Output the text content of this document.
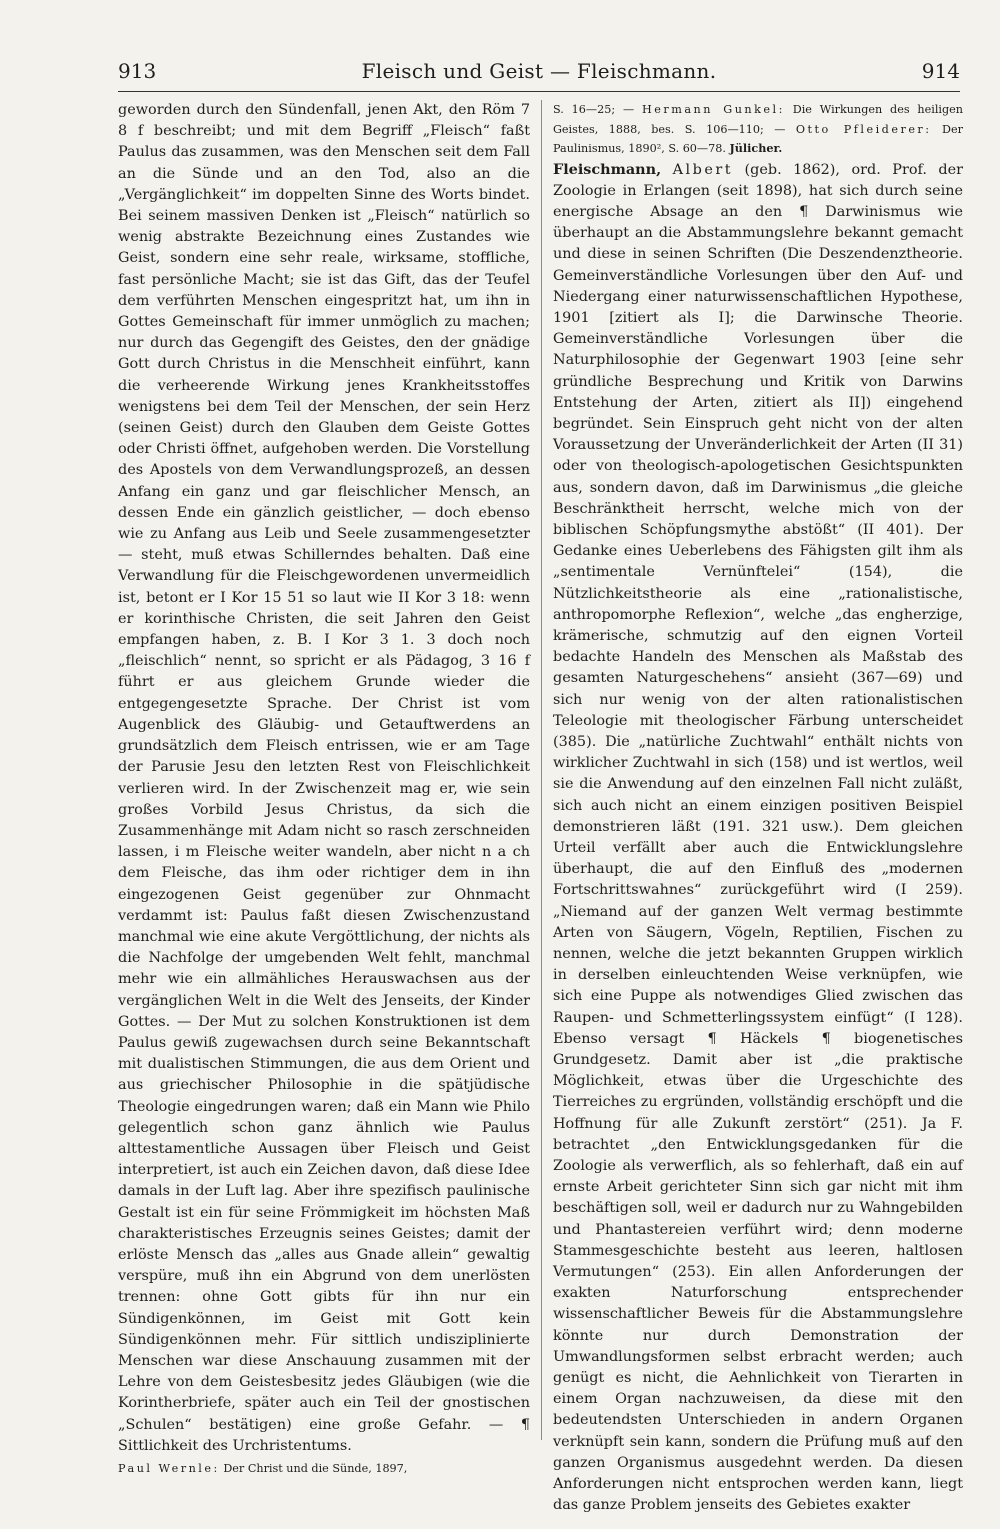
913	Fleisch und Geist — Fleischmann.	914

geworden durch den Sündenfall, jenen Akt, den Röm 7 8 f beschreibt; und mit dem Begriff „Fleisch“ faßt Paulus das zusammen, was den Menschen seit dem Fall an die Sünde und an den Tod, also an die „Vergänglichkeit“ im doppelten Sinne des Worts bindet. Bei seinem massiven Denken ist „Fleisch“ natürlich so wenig abstrakte Bezeichnung eines Zustandes wie Geist, sondern eine sehr reale, wirksame, stoffliche, fast persönliche Macht; sie ist das Gift, das der Teufel dem verführten Menschen eingespritzt hat, um ihn in Gottes Gemeinschaft für immer unmöglich zu machen; nur durch das Gegengift des Geistes, den der gnädige Gott durch Christus in die Menschheit einführt, kann die verheerende Wirkung jenes Krankheitsstoffes wenigstens bei dem Teil der Menschen, der sein Herz (seinen Geist) durch den Glauben dem Geiste Gottes oder Christi öffnet, aufgehoben werden. Die Vorstellung des Apostels von dem Verwandlungsprozeß, an dessen Anfang ein ganz und gar fleischlicher Mensch, an dessen Ende ein gänzlich geistlicher, — doch ebenso wie zu Anfang aus Leib und Seele zusammengesetzter — steht, muß etwas Schillerndes behalten. Daß eine Verwandlung für die Fleischgewordenen unvermeidlich ist, betont er I Kor 15 51 so laut wie II Kor 3 18: wenn er korinthische Christen, die seit Jahren den Geist empfangen haben, z. B. I Kor 3 1. 3 doch noch „fleischlich“ nennt, so spricht er als Pädagog, 3 16 f führt er aus gleichem Grunde wieder die entgegengesetzte Sprache. Der Christ ist vom Augenblick des Gläubig- und Getauftwerdens an grundsätzlich dem Fleisch entrissen, wie er am Tage der Parusie Jesu den letzten Rest von Fleischlichkeit verlieren wird. In der Zwischenzeit mag er, wie sein großes Vorbild Jesus Christus, da sich die Zusammenhänge mit Adam nicht so rasch zerschneiden lassen, i m Fleische weiter wandeln, aber nicht n a ch dem Fleische, das ihm oder richtiger dem in ihn eingezogenen Geist gegenüber zur Ohnmacht verdammt ist: Paulus faßt diesen Zwischenzustand manchmal wie eine akute Vergöttlichung, der nichts als die Nachfolge der umgebenden Welt fehlt, manchmal mehr wie ein allmähliches Herauswachsen aus der vergänglichen Welt in die Welt des Jenseits, der Kinder Gottes. — Der Mut zu solchen Konstruktionen ist dem Paulus gewiß zugewachsen durch seine Bekanntschaft mit dualistischen Stimmungen, die aus dem Orient und aus griechischer Philosophie in die spätjüdische Theologie eingedrungen waren; daß ein Mann wie Philo gelegentlich schon ganz ähnlich wie Paulus alttestamentliche Aussagen über Fleisch und Geist interpretiert, ist auch ein Zeichen davon, daß diese Idee damals in der Luft lag. Aber ihre spezifisch paulinische Gestalt ist ein für seine Frömmigkeit im höchsten Maß charakteristisches Erzeugnis seines Geistes; damit der erlöste Mensch das „alles aus Gnade allein“ gewaltig verspüre, muß ihn ein Abgrund von dem unerlösten trennen: ohne Gott gibts für ihn nur ein Sündigenkönnen, im Geist mit Gott kein Sündigenkönnen mehr. Für sittlich undisziplinierte Menschen war diese Anschauung zusammen mit der Lehre von dem Geistesbesitz jedes Gläubigen (wie die Korintherbriefe, später auch ein Teil der gnostischen „Schulen“ bestätigen) eine große Gefahr. — ¶ Sittlichkeit des Urchristentums.

Paul Wernle: Der Christ und die Sünde, 1897,

S. 16—25; — Hermann Gunkel: Die Wirkungen des heiligen Geistes, 1888, bes. S. 106—110; — Otto Pfleiderer: Der Paulinismus, 1890², S. 60—78. Jülicher.

Fleischmann, Albert (geb. 1862), ord. Prof. der Zoologie in Erlangen (seit 1898), hat sich durch seine energische Absage an den ¶ Darwinismus wie überhaupt an die Abstammungslehre bekannt gemacht und diese in seinen Schriften (Die Deszendenztheorie. Gemeinverständliche Vorlesungen über den Auf- und Niedergang einer naturwissenschaftlichen Hypothese, 1901 [zitiert als I]; die Darwinsche Theorie. Gemeinverständliche Vorlesungen über die Naturphilosophie der Gegenwart 1903 [eine sehr gründliche Besprechung und Kritik von Darwins Entstehung der Arten, zitiert als II]) eingehend begründet. Sein Einspruch geht nicht von der alten Voraussetzung der Unveränderlichkeit der Arten (II 31) oder von theologisch-apologetischen Gesichtspunkten aus, sondern davon, daß im Darwinismus „die gleiche Beschränktheit herrscht, welche mich von der biblischen Schöpfungsmythe abstößt“ (II 401). Der Gedanke eines Ueberlebens des Fähigsten gilt ihm als „sentimentale Vernünftelei“ (154), die Nützlichkeitstheorie als eine „rationalistische, anthropomorphe Reflexion“, welche „das engherzige, krämerische, schmutzig auf den eignen Vorteil bedachte Handeln des Menschen als Maßstab des gesamten Naturgeschehens“ ansieht (367—69) und sich nur wenig von der alten rationalistischen Teleologie mit theologischer Färbung unterscheidet (385). Die „natürliche Zuchtwahl“ enthält nichts von wirklicher Zuchtwahl in sich (158) und ist wertlos, weil sie die Anwendung auf den einzelnen Fall nicht zuläßt, sich auch nicht an einem einzigen positiven Beispiel demonstrieren läßt (191. 321 usw.). Dem gleichen Urteil verfällt aber auch die Entwicklungslehre überhaupt, die auf den Einfluß des „modernen Fortschrittswahnes“ zurückgeführt wird (I 259). „Niemand auf der ganzen Welt vermag bestimmte Arten von Säugern, Vögeln, Reptilien, Fischen zu nennen, welche die jetzt bekannten Gruppen wirklich in derselben einleuchtenden Weise verknüpfen, wie sich eine Puppe als notwendiges Glied zwischen das Raupen- und Schmetterlingssystem einfügt“ (I 128). Ebenso versagt ¶ Häckels ¶ biogenetisches Grundgesetz. Damit aber ist „die praktische Möglichkeit, etwas über die Urgeschichte des Tierreiches zu ergründen, vollständig erschöpft und die Hoffnung für alle Zukunft zerstört“ (251). Ja F. betrachtet „den Entwicklungsgedanken für die Zoologie als verwerflich, als so fehlerhaft, daß ein auf ernste Arbeit gerichteter Sinn sich gar nicht mit ihm beschäftigen soll, weil er dadurch nur zu Wahngebilden und Phantastereien verführt wird; denn moderne Stammesgeschichte besteht aus leeren, haltlosen Vermutungen“ (253). Ein allen Anforderungen der exakten Naturforschung entsprechender wissenschaftlicher Beweis für die Abstammungslehre könnte nur durch Demonstration der Umwandlungsformen selbst erbracht werden; auch genügt es nicht, die Aehnlichkeit von Tierarten in einem Organ nachzuweisen, da diese mit den bedeutendsten Unterschieden in andern Organen verknüpft sein kann, sondern die Prüfung muß auf den ganzen Organismus ausgedehnt werden. Da diesen Anforderungen nicht entsprochen werden kann, liegt das ganze Problem jenseits des Gebietes exakter
